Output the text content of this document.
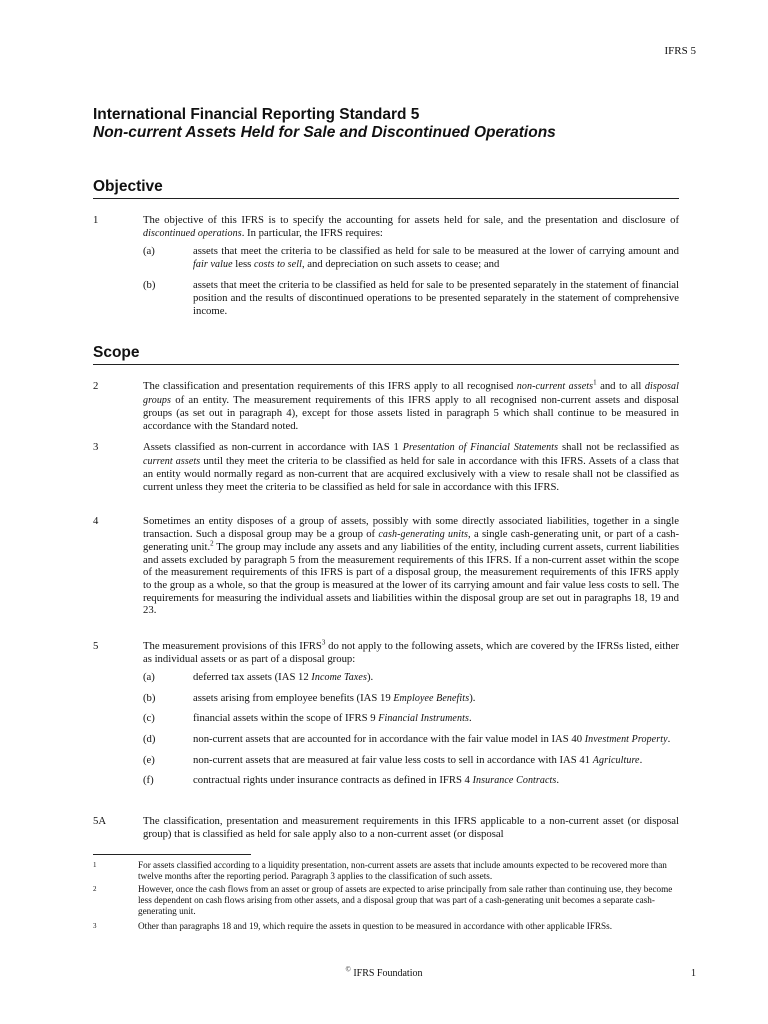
IFRS 5
International Financial Reporting Standard 5
Non-current Assets Held for Sale and Discontinued Operations
Objective
1	The objective of this IFRS is to specify the accounting for assets held for sale, and the presentation and disclosure of discontinued operations. In particular, the IFRS requires:
(a)	assets that meet the criteria to be classified as held for sale to be measured at the lower of carrying amount and fair value less costs to sell, and depreciation on such assets to cease; and
(b)	assets that meet the criteria to be classified as held for sale to be presented separately in the statement of financial position and the results of discontinued operations to be presented separately in the statement of comprehensive income.
Scope
2	The classification and presentation requirements of this IFRS apply to all recognised non-current assets$^1$ and to all disposal groups of an entity. The measurement requirements of this IFRS apply to all recognised non-current assets and disposal groups (as set out in paragraph 4), except for those assets listed in paragraph 5 which shall continue to be measured in accordance with the Standard noted.
3	Assets classified as non-current in accordance with IAS 1 Presentation of Financial Statements shall not be reclassified as current assets until they meet the criteria to be classified as held for sale in accordance with this IFRS. Assets of a class that an entity would normally regard as non-current that are acquired exclusively with a view to resale shall not be classified as current unless they meet the criteria to be classified as held for sale in accordance with this IFRS.
4	Sometimes an entity disposes of a group of assets, possibly with some directly associated liabilities, together in a single transaction. Such a disposal group may be a group of cash-generating units, a single cash-generating unit, or part of a cash-generating unit.$^2$ The group may include any assets and any liabilities of the entity, including current assets, current liabilities and assets excluded by paragraph 5 from the measurement requirements of this IFRS. If a non-current asset within the scope of the measurement requirements of this IFRS is part of a disposal group, the measurement requirements of this IFRS apply to the group as a whole, so that the group is measured at the lower of its carrying amount and fair value less costs to sell. The requirements for measuring the individual assets and liabilities within the disposal group are set out in paragraphs 18, 19 and 23.
5	The measurement provisions of this IFRS$^3$ do not apply to the following assets, which are covered by the IFRSs listed, either as individual assets or as part of a disposal group:
(a)	deferred tax assets (IAS 12 Income Taxes).
(b)	assets arising from employee benefits (IAS 19 Employee Benefits).
(c)	financial assets within the scope of IFRS 9 Financial Instruments.
(d)	non-current assets that are accounted for in accordance with the fair value model in IAS 40 Investment Property.
(e)	non-current assets that are measured at fair value less costs to sell in accordance with IAS 41 Agriculture.
(f)	contractual rights under insurance contracts as defined in IFRS 4 Insurance Contracts.
5A	The classification, presentation and measurement requirements in this IFRS applicable to a non-current asset (or disposal group) that is classified as held for sale apply also to a non-current asset (or disposal
1	For assets classified according to a liquidity presentation, non-current assets are assets that include amounts expected to be recovered more than twelve months after the reporting period. Paragraph 3 applies to the classification of such assets.
2	However, once the cash flows from an asset or group of assets are expected to arise principally from sale rather than continuing use, they become less dependent on cash flows arising from other assets, and a disposal group that was part of a cash-generating unit becomes a separate cash-generating unit.
3	Other than paragraphs 18 and 19, which require the assets in question to be measured in accordance with other applicable IFRSs.
© IFRS Foundation	1
